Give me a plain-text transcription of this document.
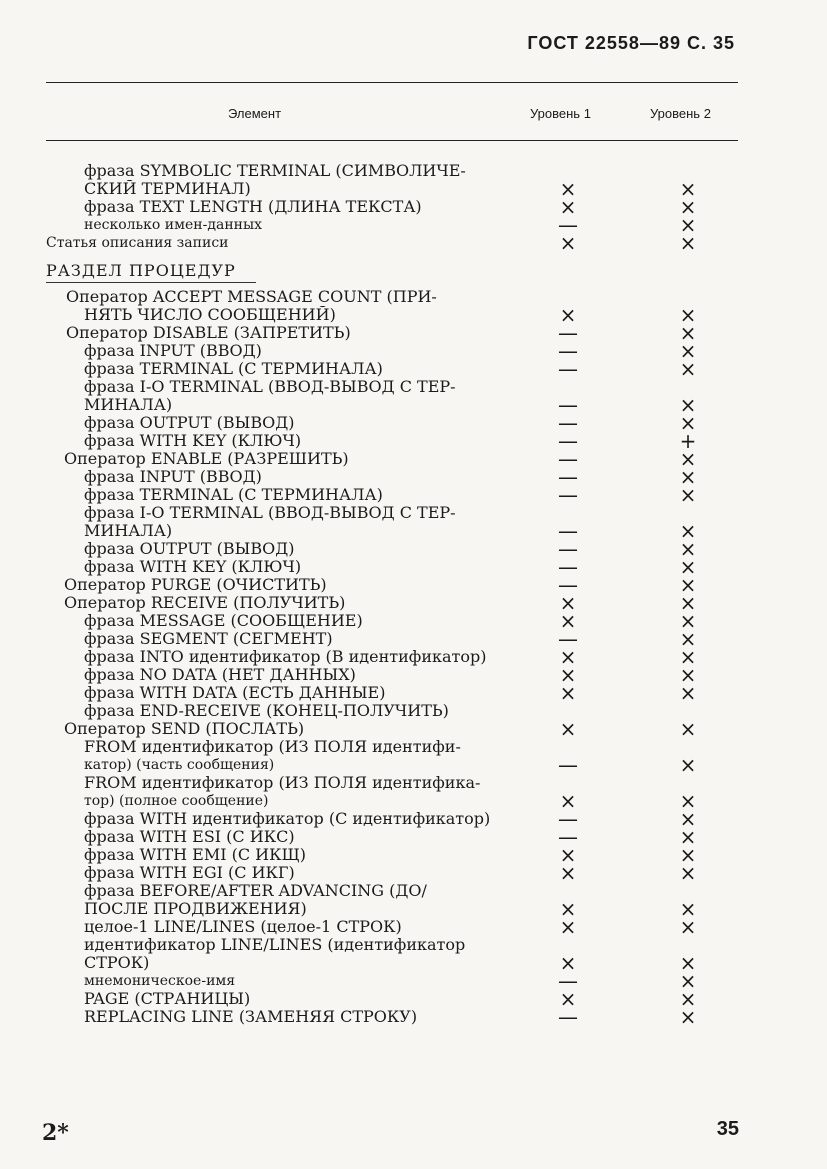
ГОСТ 22558—89 С. 35
Элемент	Уровень 1	Уровень 2
РАЗДЕЛ ПРОЦЕДУР
фраза SYMBOLIC TERMINAL (СИМВОЛИЧЕ-
СКИЙ ТЕРМИНАЛ)	×	×
фраза TEXT LENGTH (ДЛИНА ТЕКСТА)	×	×
несколько имен-данных	—	×
Статья описания записи	×	×
Оператор ACCEPT MESSAGE COUNT (ПРИ-
НЯТЬ ЧИСЛО СООБЩЕНИЙ)	×	×
Оператор DISABLE (ЗАПРЕТИТЬ)	—	×
фраза INPUT (ВВОД)	—	×
фраза TERMINAL (С ТЕРМИНАЛА)	—	×
фраза I-O TERMINAL (ВВОД-ВЫВОД С ТЕР-
МИНАЛА)	—	×
фраза OUTPUT (ВЫВОД)	—	×
фраза WITH KEY (КЛЮЧ)	—	+
Оператор ENABLE (РАЗРЕШИТЬ)	—	×
фраза INPUT (ВВОД)	—	×
фраза TERMINAL (С ТЕРМИНАЛА)	—	×
фраза I-O TERMINAL (ВВОД-ВЫВОД С ТЕР-
МИНАЛА)	—	×
фраза OUTPUT (ВЫВОД)	—	×
фраза WITH KEY (КЛЮЧ)	—	×
Оператор PURGE (ОЧИСТИТЬ)	—	×
Оператор RECEIVE (ПОЛУЧИТЬ)	×	×
фраза MESSAGE (СООБЩЕНИЕ)	×	×
фраза SEGMENT (СЕГМЕНТ)	—	×
фраза INTO идентификатор (В идентификатор)	×	×
фраза NO DATA (НЕТ ДАННЫХ)	×	×
фраза WITH DATA (ЕСТЬ ДАННЫЕ)	×	×
фраза END-RECEIVE (КОНЕЦ-ПОЛУЧИТЬ)
Оператор SEND (ПОСЛАТЬ)	×	×
FROM идентификатор (ИЗ ПОЛЯ идентифи-
катор) (часть сообщения)	—	×
FROM идентификатор (ИЗ ПОЛЯ идентифика-
тор) (полное сообщение)	×	×
фраза WITH идентификатор (С идентификатор)	—	×
фраза WITH ESI (С ИКС)	—	×
фраза WITH EMI (С ИКЩ)	×	×
фраза WITH EGI (С ИКГ)	×	×
фраза BEFORE/AFTER ADVANCING (ДО/
ПОСЛЕ ПРОДВИЖЕНИЯ)	×	×
целое-1 LINE/LINES (целое-1 СТРОК)	×	×
идентификатор LINE/LINES (идентификатор
СТРОК)	×	×
мнемоническое-имя	—	×
PAGE (СТРАНИЦЫ)	×	×
REPLACING LINE (ЗАМЕНЯЯ СТРОКУ)	—	×
2*	35
